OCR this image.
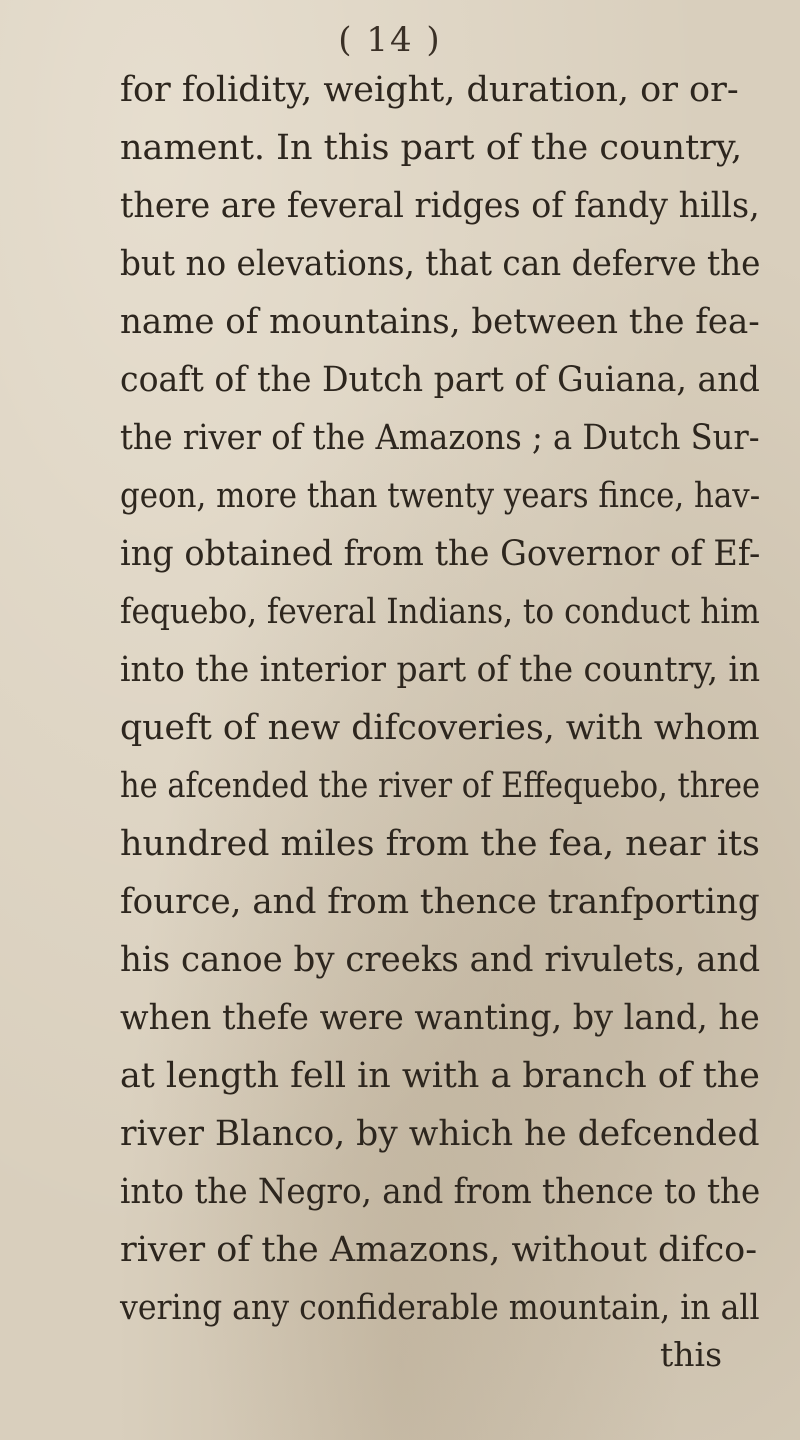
( 14 )
for folidity, weight, duration, or or-
nament. In this part of the country,
there are feveral ridges of fandy hills,
but no elevations, that can deferve the
name of mountains, between the fea-
coaft of the Dutch part of Guiana, and
the river of the Amazons ; a Dutch Sur-
geon, more than twenty years fince, hav-
ing obtained from the Governor of Ef-
fequebo, feveral Indians, to conduct him
into the interior part of the country, in
queft of new difcoveries, with whom
he afcended the river of Effequebo, three
hundred miles from the fea, near its
fource, and from thence tranfporting
his canoe by creeks and rivulets, and
when thefe were wanting, by land, he
at length fell in with a branch of the
river Blanco, by which he defcended
into the Negro, and from thence to the
river of the Amazons, without difco-
vering any confiderable mountain, in all
this
